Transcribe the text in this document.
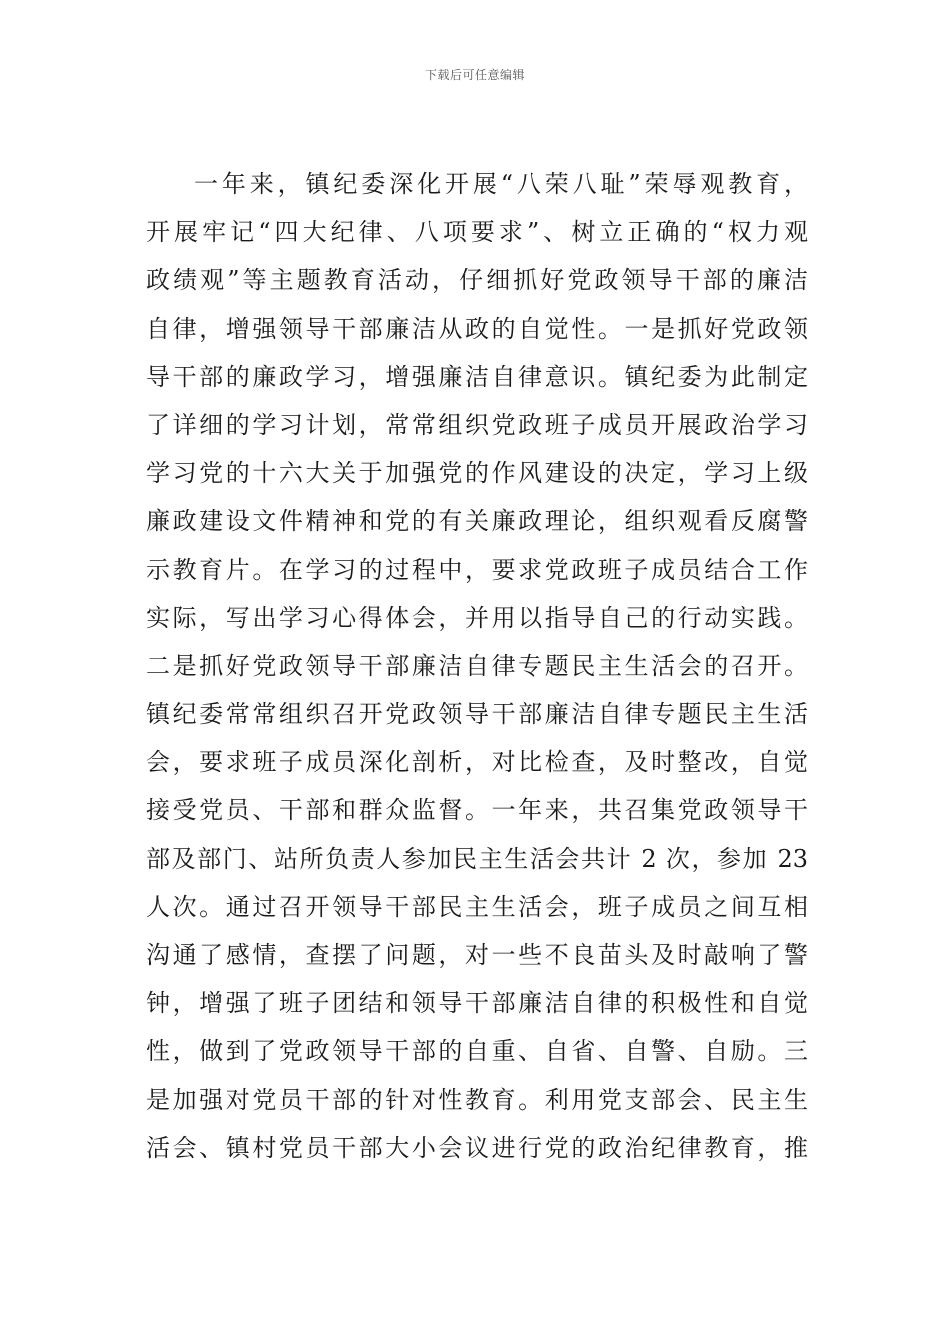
下载后可任意编辑
一年来，镇纪委深化开展“八荣八耻”荣辱观教育，
开展牢记“四大纪律、八项要求”、树立正确的“权力观
政绩观”等主题教育活动，仔细抓好党政领导干部的廉洁
自律，增强领导干部廉洁从政的自觉性。一是抓好党政领
导干部的廉政学习，增强廉洁自律意识。镇纪委为此制定
了详细的学习计划，常常组织党政班子成员开展政治学习
学习党的十六大关于加强党的作风建设的决定，学习上级
廉政建设文件精神和党的有关廉政理论，组织观看反腐警
示教育片。在学习的过程中，要求党政班子成员结合工作
实际，写出学习心得体会，并用以指导自己的行动实践。
二是抓好党政领导干部廉洁自律专题民主生活会的召开。
镇纪委常常组织召开党政领导干部廉洁自律专题民主生活
会，要求班子成员深化剖析，对比检查，及时整改，自觉
接受党员、干部和群众监督。一年来，共召集党政领导干
部及部门、站所负责人参加民主生活会共计 2 次，参加 23
人次。通过召开领导干部民主生活会，班子成员之间互相
沟通了感情，查摆了问题，对一些不良苗头及时敲响了警
钟，增强了班子团结和领导干部廉洁自律的积极性和自觉
性，做到了党政领导干部的自重、自省、自警、自励。三
是加强对党员干部的针对性教育。利用党支部会、民主生
活会、镇村党员干部大小会议进行党的政治纪律教育，推
